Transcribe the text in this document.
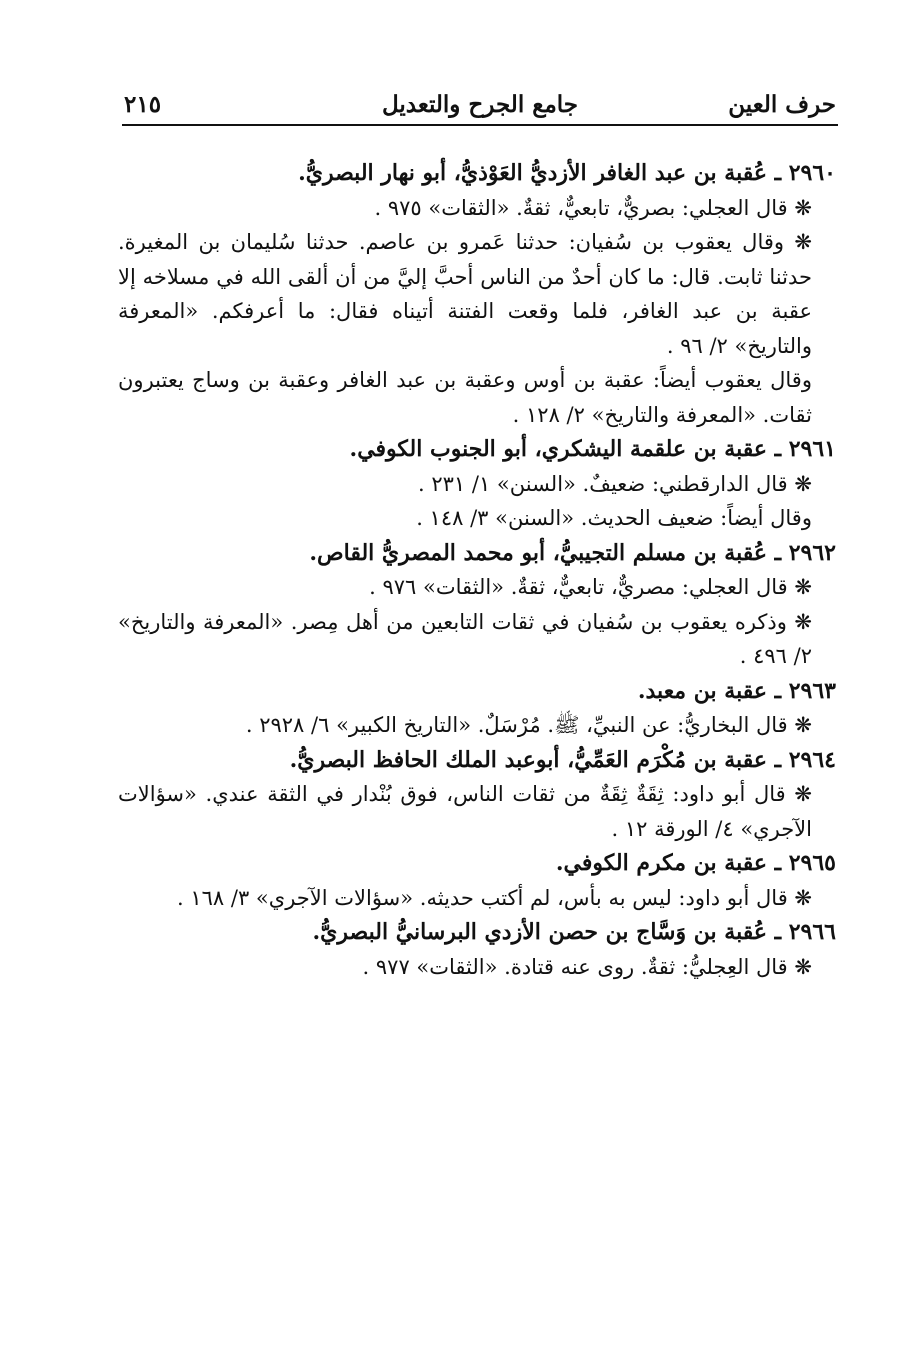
حرف العين
جامع الجرح والتعديل
٢١٥
٢٩٦٠ ـ عُقبة بن عبد الغافر الأزديُّ العَوْذيُّ، أبو نهار البصريُّ.
❋ قال العجلي: بصريٌّ، تابعيٌّ، ثقةٌ. «الثقات» ٩٧٥ .
❋ وقال يعقوب بن سُفيان: حدثنا عَمرو بن عاصم. حدثنا سُليمان بن المغيرة. حدثنا ثابت. قال: ما كان أحدٌ من الناس أحبَّ إليَّ من أن ألقى الله في مسلاخه إلا عقبة بن عبد الغافر، فلما وقعت الفتنة أتيناه فقال: ما أعرفكم. «المعرفة والتاريخ» ٢/ ٩٦ .
وقال يعقوب أيضاً: عقبة بن أوس وعقبة بن عبد الغافر وعقبة بن وساج يعتبرون ثقات. «المعرفة والتاريخ» ٢/ ١٢٨ .
٢٩٦١ ـ عقبة بن علقمة اليشكري، أبو الجنوب الكوفي.
❋ قال الدارقطني: ضعيفٌ. «السنن» ١/ ٢٣١ .
وقال أيضاً: ضعيف الحديث. «السنن» ٣/ ١٤٨ .
٢٩٦٢ ـ عُقبة بن مسلم التجيبيُّ، أبو محمد المصريُّ القاص.
❋ قال العجلي: مصريٌّ، تابعيٌّ، ثقةٌ. «الثقات» ٩٧٦ .
❋ وذكره يعقوب بن سُفيان في ثقات التابعين من أهل مِصر. «المعرفة والتاريخ» ٢/ ٤٩٦ .
٢٩٦٣ ـ عقبة بن معبد.
❋ قال البخاريُّ: عن النبيِّ، ﷺ. مُرْسَلٌ. «التاريخ الكبير» ٦/ ٢٩٢٨ .
٢٩٦٤ ـ عقبة بن مُكْرَم العَمِّيُّ، أبوعبد الملك الحافظ البصريُّ.
❋ قال أبو داود: ثِقَةٌ ثِقَةٌ من ثقات الناس، فوق بُنْدار في الثقة عندي. «سؤالات الآجري» ٤/ الورقة ١٢ .
٢٩٦٥ ـ عقبة بن مكرم الكوفي.
❋ قال أبو داود: ليس به بأس، لم أكتب حديثه. «سؤالات الآجري» ٣/ ١٦٨ .
٢٩٦٦ ـ عُقبة بن وَسَّاج بن حصن الأزدي البرسانيُّ البصريُّ.
❋ قال العِجليُّ: ثقةٌ. روى عنه قتادة. «الثقات» ٩٧٧ .
